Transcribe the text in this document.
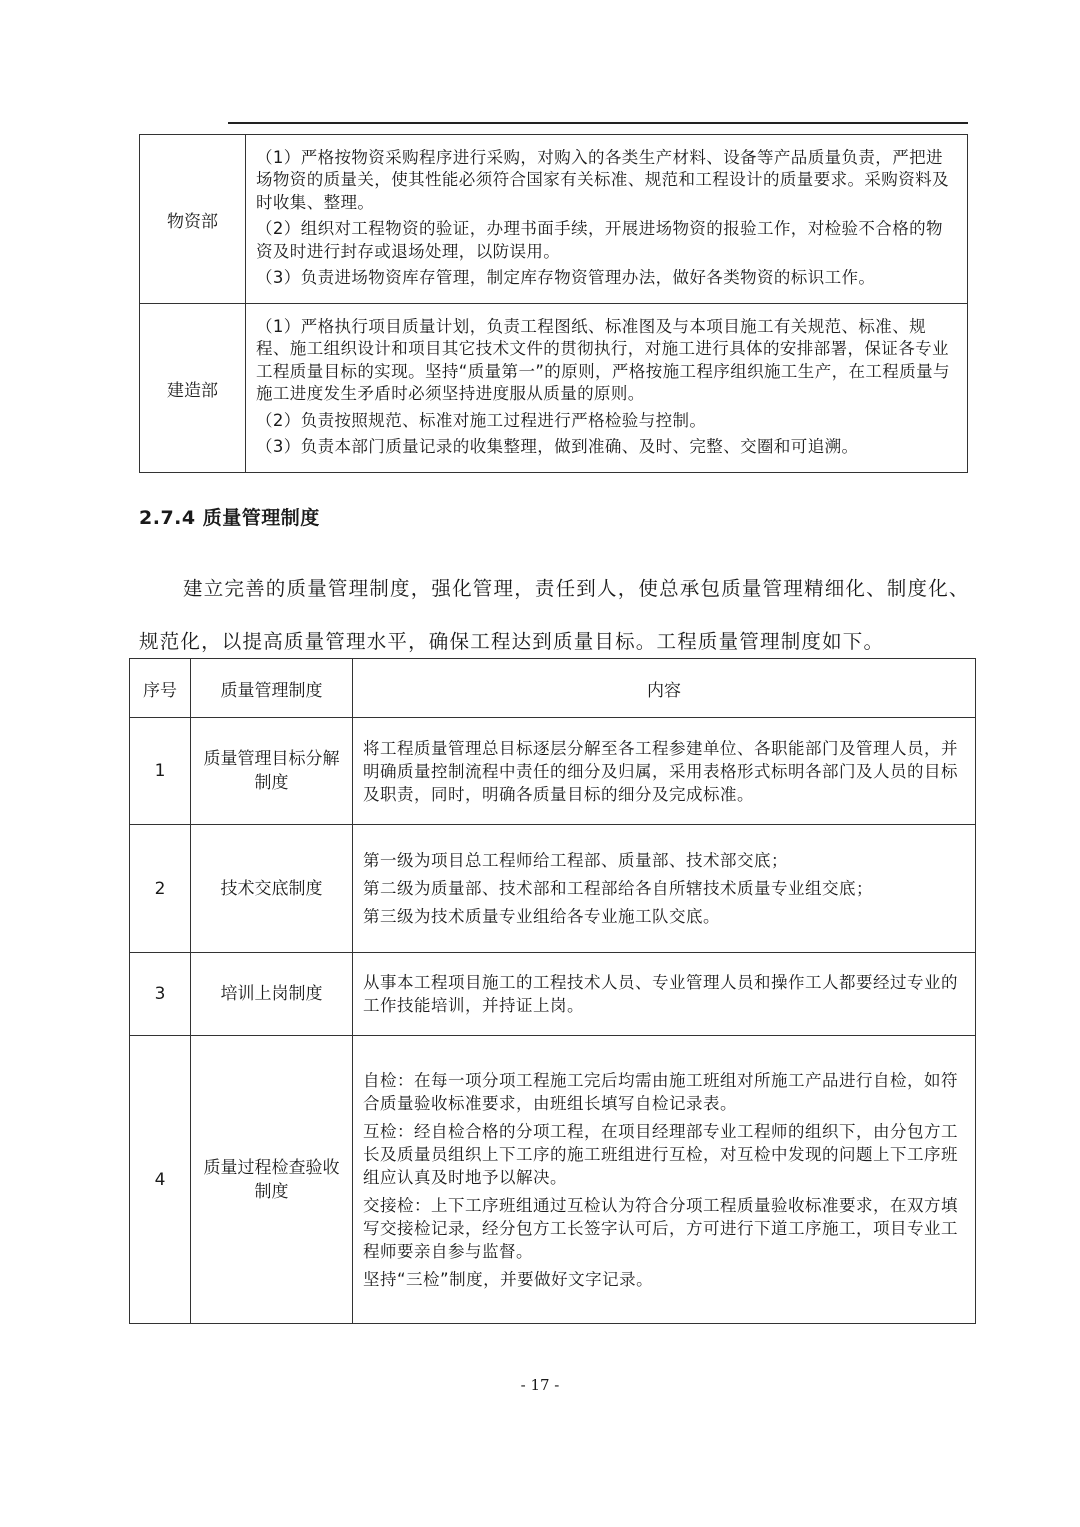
物资部	（1）严格按物资采购程序进行采购，对购入的各类生产材料、设备等产品质量负责，严把进场物资的质量关，使其性能必须符合国家有关标准、规范和工程设计的质量要求。采购资料及时收集、整理。

（2）组织对工程物资的验证，办理书面手续，开展进场物资的报验工作，对检验不合格的物资及时进行封存或退场处理，以防误用。

（3）负责进场物资库存管理，制定库存物资管理办法，做好各类物资的标识工作。

建造部	（1）严格执行项目质量计划，负责工程图纸、标准图及与本项目施工有关规范、标准、规程、施工组织设计和项目其它技术文件的贯彻执行，对施工进行具体的安排部署，保证各专业工程质量目标的实现。坚持“质量第一”的原则，严格按施工程序组织施工生产，在工程质量与施工进度发生矛盾时必须坚持进度服从质量的原则。

（2）负责按照规范、标准对施工过程进行严格检验与控制。

（3）负责本部门质量记录的收集整理，做到准确、及时、完整、交圈和可追溯。

2.7.4 质量管理制度

建立完善的质量管理制度，强化管理，责任到人，使总承包质量管理精细化、制度化、规范化，以提高质量管理水平，确保工程达到质量目标。工程质量管理制度如下。

序号	质量管理制度	内容
1	质量管理目标分解制度	将工程质量管理总目标逐层分解至各工程参建单位、各职能部门及管理人员，并明确质量控制流程中责任的细分及归属，采用表格形式标明各部门及人员的目标及职责，同时，明确各质量目标的细分及完成标准。

2	技术交底制度	第一级为项目总工程师给工程部、质量部、技术部交底；

第二级为质量部、技术部和工程部给各自所辖技术质量专业组交底；

第三级为技术质量专业组给各专业施工队交底。

3	培训上岗制度	从事本工程项目施工的工程技术人员、专业管理人员和操作工人都要经过专业的工作技能培训，并持证上岗。

4	质量过程检查验收制度	自检：在每一项分项工程施工完后均需由施工班组对所施工产品进行自检，如符合质量验收标准要求，由班组长填写自检记录表。

互检：经自检合格的分项工程，在项目经理部专业工程师的组织下，由分包方工长及质量员组织上下工序的施工班组进行互检，对互检中发现的问题上下工序班组应认真及时地予以解决。

交接检：上下工序班组通过互检认为符合分项工程质量验收标准要求，在双方填写交接检记录，经分包方工长签字认可后，方可进行下道工序施工，项目专业工程师要亲自参与监督。

坚持“三检”制度，并要做好文字记录。

- 17 -
